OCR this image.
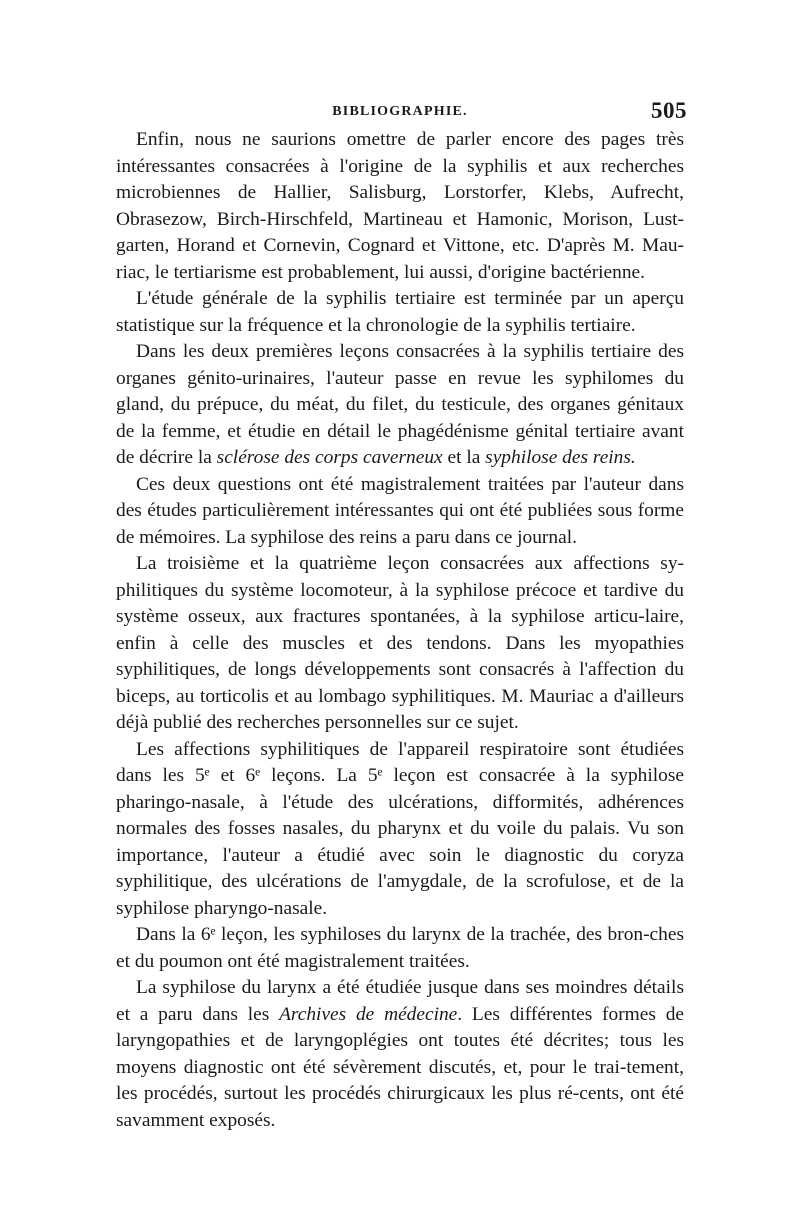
BIBLIOGRAPHIE.	505

Enfin, nous ne saurions omettre de parler encore des pages très intéressantes consacrées à l'origine de la syphilis et aux recherches microbiennes de Hallier, Salisburg, Lorstorfer, Klebs, Aufrecht, Obrasezow, Birch-Hirschfeld, Martineau et Hamonic, Morison, Lust-garten, Horand et Cornevin, Cognard et Vittone, etc. D'après M. Mau-riac, le tertiarisme est probablement, lui aussi, d'origine bactérienne.

L'étude générale de la syphilis tertiaire est terminée par un aperçu statistique sur la fréquence et la chronologie de la syphilis tertiaire.

Dans les deux premières leçons consacrées à la syphilis tertiaire des organes génito-urinaires, l'auteur passe en revue les syphilomes du gland, du prépuce, du méat, du filet, du testicule, des organes génitaux de la femme, et étudie en détail le phagédénisme génital tertiaire avant de décrire la sclérose des corps caverneux et la syphilose des reins.

Ces deux questions ont été magistralement traitées par l'auteur dans des études particulièrement intéressantes qui ont été publiées sous forme de mémoires. La syphilose des reins a paru dans ce journal.

La troisième et la quatrième leçon consacrées aux affections sy-philitiques du système locomoteur, à la syphilose précoce et tardive du système osseux, aux fractures spontanées, à la syphilose articu-laire, enfin à celle des muscles et des tendons. Dans les myopathies syphilitiques, de longs développements sont consacrés à l'affection du biceps, au torticolis et au lombago syphilitiques. M. Mauriac a d'ailleurs déjà publié des recherches personnelles sur ce sujet.

Les affections syphilitiques de l'appareil respiratoire sont étudiées dans les 5ᵉ et 6ᵉ leçons. La 5ᵉ leçon est consacrée à la syphilose pharingo-nasale, à l'étude des ulcérations, difformités, adhérences normales des fosses nasales, du pharynx et du voile du palais. Vu son importance, l'auteur a étudié avec soin le diagnostic du coryza syphilitique, des ulcérations de l'amygdale, de la scrofulose, et de la syphilose pharyngo-nasale.

Dans la 6ᵉ leçon, les syphiloses du larynx de la trachée, des bron-ches et du poumon ont été magistralement traitées.

La syphilose du larynx a été étudiée jusque dans ses moindres détails et a paru dans les Archives de médecine. Les différentes formes de laryngopathies et de laryngoplégies ont toutes été décrites; tous les moyens diagnostic ont été sévèrement discutés, et, pour le trai-tement, les procédés, surtout les procédés chirurgicaux les plus ré-cents, ont été savamment exposés.
